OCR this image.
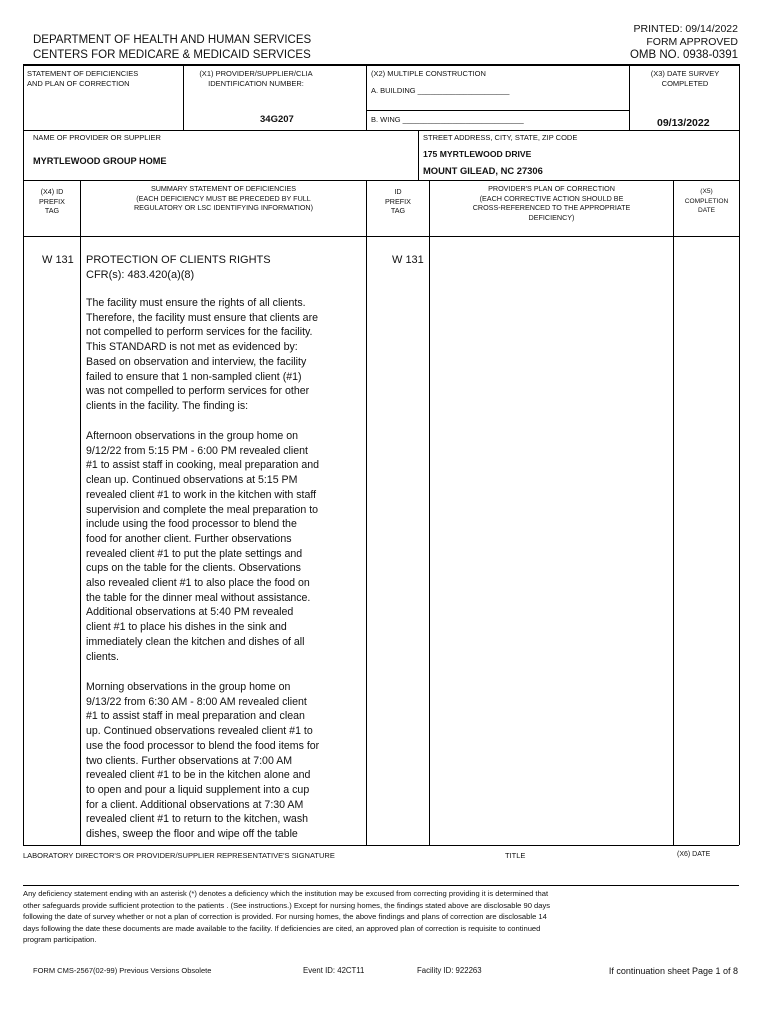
DEPARTMENT OF HEALTH AND HUMAN SERVICES
CENTERS FOR MEDICARE & MEDICAID SERVICES
PRINTED: 09/14/2022
FORM APPROVED
OMB NO. 0938-0391
STATEMENT OF DEFICIENCIES
AND PLAN OF CORRECTION
(X1) PROVIDER/SUPPLIER/CLIA
IDENTIFICATION NUMBER:
34G207
(X2) MULTIPLE CONSTRUCTION
A. BUILDING ______________________
B. WING _____________________________
(X3) DATE SURVEY
COMPLETED
09/13/2022
NAME OF PROVIDER OR SUPPLIER
MYRTLEWOOD GROUP HOME
STREET ADDRESS, CITY, STATE, ZIP CODE
175 MYRTLEWOOD DRIVE
MOUNT GILEAD, NC 27306
(X4) ID
PREFIX
TAG
SUMMARY STATEMENT OF DEFICIENCIES
(EACH DEFICIENCY MUST BE PRECEDED BY FULL
REGULATORY OR LSC IDENTIFYING INFORMATION)
ID
PREFIX
TAG
PROVIDER'S PLAN OF CORRECTION
(EACH CORRECTIVE ACTION SHOULD BE
CROSS-REFERENCED TO THE APPROPRIATE
DEFICIENCY)
(X5)
COMPLETION
DATE
W 131	W 131
PROTECTION OF CLIENTS RIGHTS
CFR(s): 483.420(a)(8)
The facility must ensure the rights of all clients.
Therefore, the facility must ensure that clients are
not compelled to perform services for the facility.
This STANDARD is not met as evidenced by:
Based on observation and interview, the facility
failed to ensure that 1 non-sampled client (#1)
was not compelled to perform services for other
clients in the facility. The finding is:
Afternoon observations in the group home on
9/12/22 from 5:15 PM - 6:00 PM revealed client
#1 to assist staff in cooking, meal preparation and
clean up. Continued observations at 5:15 PM
revealed client #1 to work in the kitchen with staff
supervision and complete the meal preparation to
include using the food processor to blend the
food for another client. Further observations
revealed client #1 to put the plate settings and
cups on the table for the clients. Observations
also revealed client #1 to also place the food on
the table for the dinner meal without assistance.
Additional observations at 5:40 PM revealed
client #1 to place his dishes in the sink and
immediately clean the kitchen and dishes of all
clients.
Morning observations in the group home on
9/13/22 from 6:30 AM - 8:00 AM revealed client
#1 to assist staff in meal preparation and clean
up. Continued observations revealed client #1 to
use the food processor to blend the food items for
two clients. Further observations at 7:00 AM
revealed client #1 to be in the kitchen alone and
to open and pour a liquid supplement into a cup
for a client. Additional observations at 7:30 AM
revealed client #1 to return to the kitchen, wash
dishes, sweep the floor and wipe off the table
LABORATORY DIRECTOR'S OR PROVIDER/SUPPLIER REPRESENTATIVE'S SIGNATURE	TITLE	(X6) DATE
Any deficiency statement ending with an asterisk (*) denotes a deficiency which the institution may be excused from correcting providing it is determined that
other safeguards provide sufficient protection to the patients . (See instructions.) Except for nursing homes, the findings stated above are disclosable 90 days
following the date of survey whether or not a plan of correction is provided. For nursing homes, the above findings and plans of correction are disclosable 14
days following the date these documents are made available to the facility. If deficiencies are cited, an approved plan of correction is requisite to continued
program participation.
FORM CMS-2567(02-99) Previous Versions Obsolete	Event ID: 42CT11	Facility ID: 922263	If continuation sheet Page 1 of 8
